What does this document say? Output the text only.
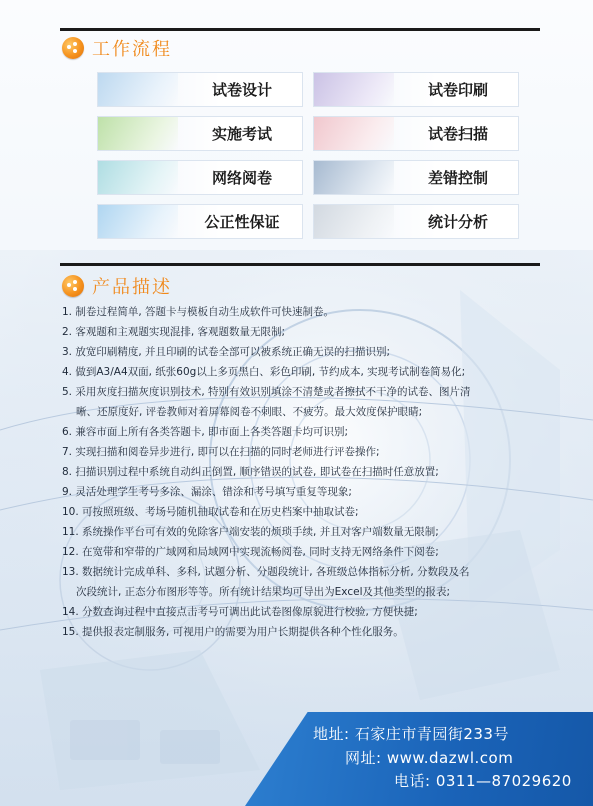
工作流程
试卷设计	试卷印刷
实施考试	试卷扫描
网络阅卷	差错控制
公正性保证	统计分析
产品描述
1. 制卷过程简单, 答题卡与模板自动生成软件可快速制卷。
2. 客观题和主观题实现混排, 客观题数量无限制;
3. 放宽印刷精度, 并且印刷的试卷全部可以被系统正确无误的扫描识别;
4. 做到A3/A4双面, 纸张60g以上多页黑白、彩色印刷, 节约成本, 实现考试制卷简易化;
5. 采用灰度扫描灰度识别技术, 特别有效识别填涂不清楚或者擦拭不干净的试卷、图片清
晰、还原度好, 评卷教师对着屏幕阅卷不刺眼、不疲劳。最大效度保护眼睛;
6. 兼容市面上所有各类答题卡, 即市面上各类答题卡均可识别;
7. 实现扫描和阅卷异步进行, 即可以在扫描的同时老师进行评卷操作;
8. 扫描识别过程中系统自动纠正倒置, 顺序错误的试卷, 即试卷在扫描时任意放置;
9. 灵活处理学生考号多涂、漏涂、错涂和考号填写重复等现象;
10. 可按照班级、考场号随机抽取试卷和在历史档案中抽取试卷;
11. 系统操作平台可有效的免除客户端安装的烦琐手续, 并且对客户端数量无限制;
12. 在宽带和窄带的广域网和局域网中实现流畅阅卷, 同时支持无网络条件下阅卷;
13. 数据统计完成单科、多科, 试题分析、分题段统计, 各班级总体指标分析, 分数段及名
次段统计, 正态分布图形等等。所有统计结果均可导出为Excel及其他类型的报表;
14. 分数查询过程中直接点击考号可调出此试卷图像原貌进行校验, 方便快捷;
15. 提供报表定制服务, 可视用户的需要为用户长期提供各种个性化服务。
地址: 石家庄市青园街233号
网址: www.dazwl.com
电话: 0311—87029620
